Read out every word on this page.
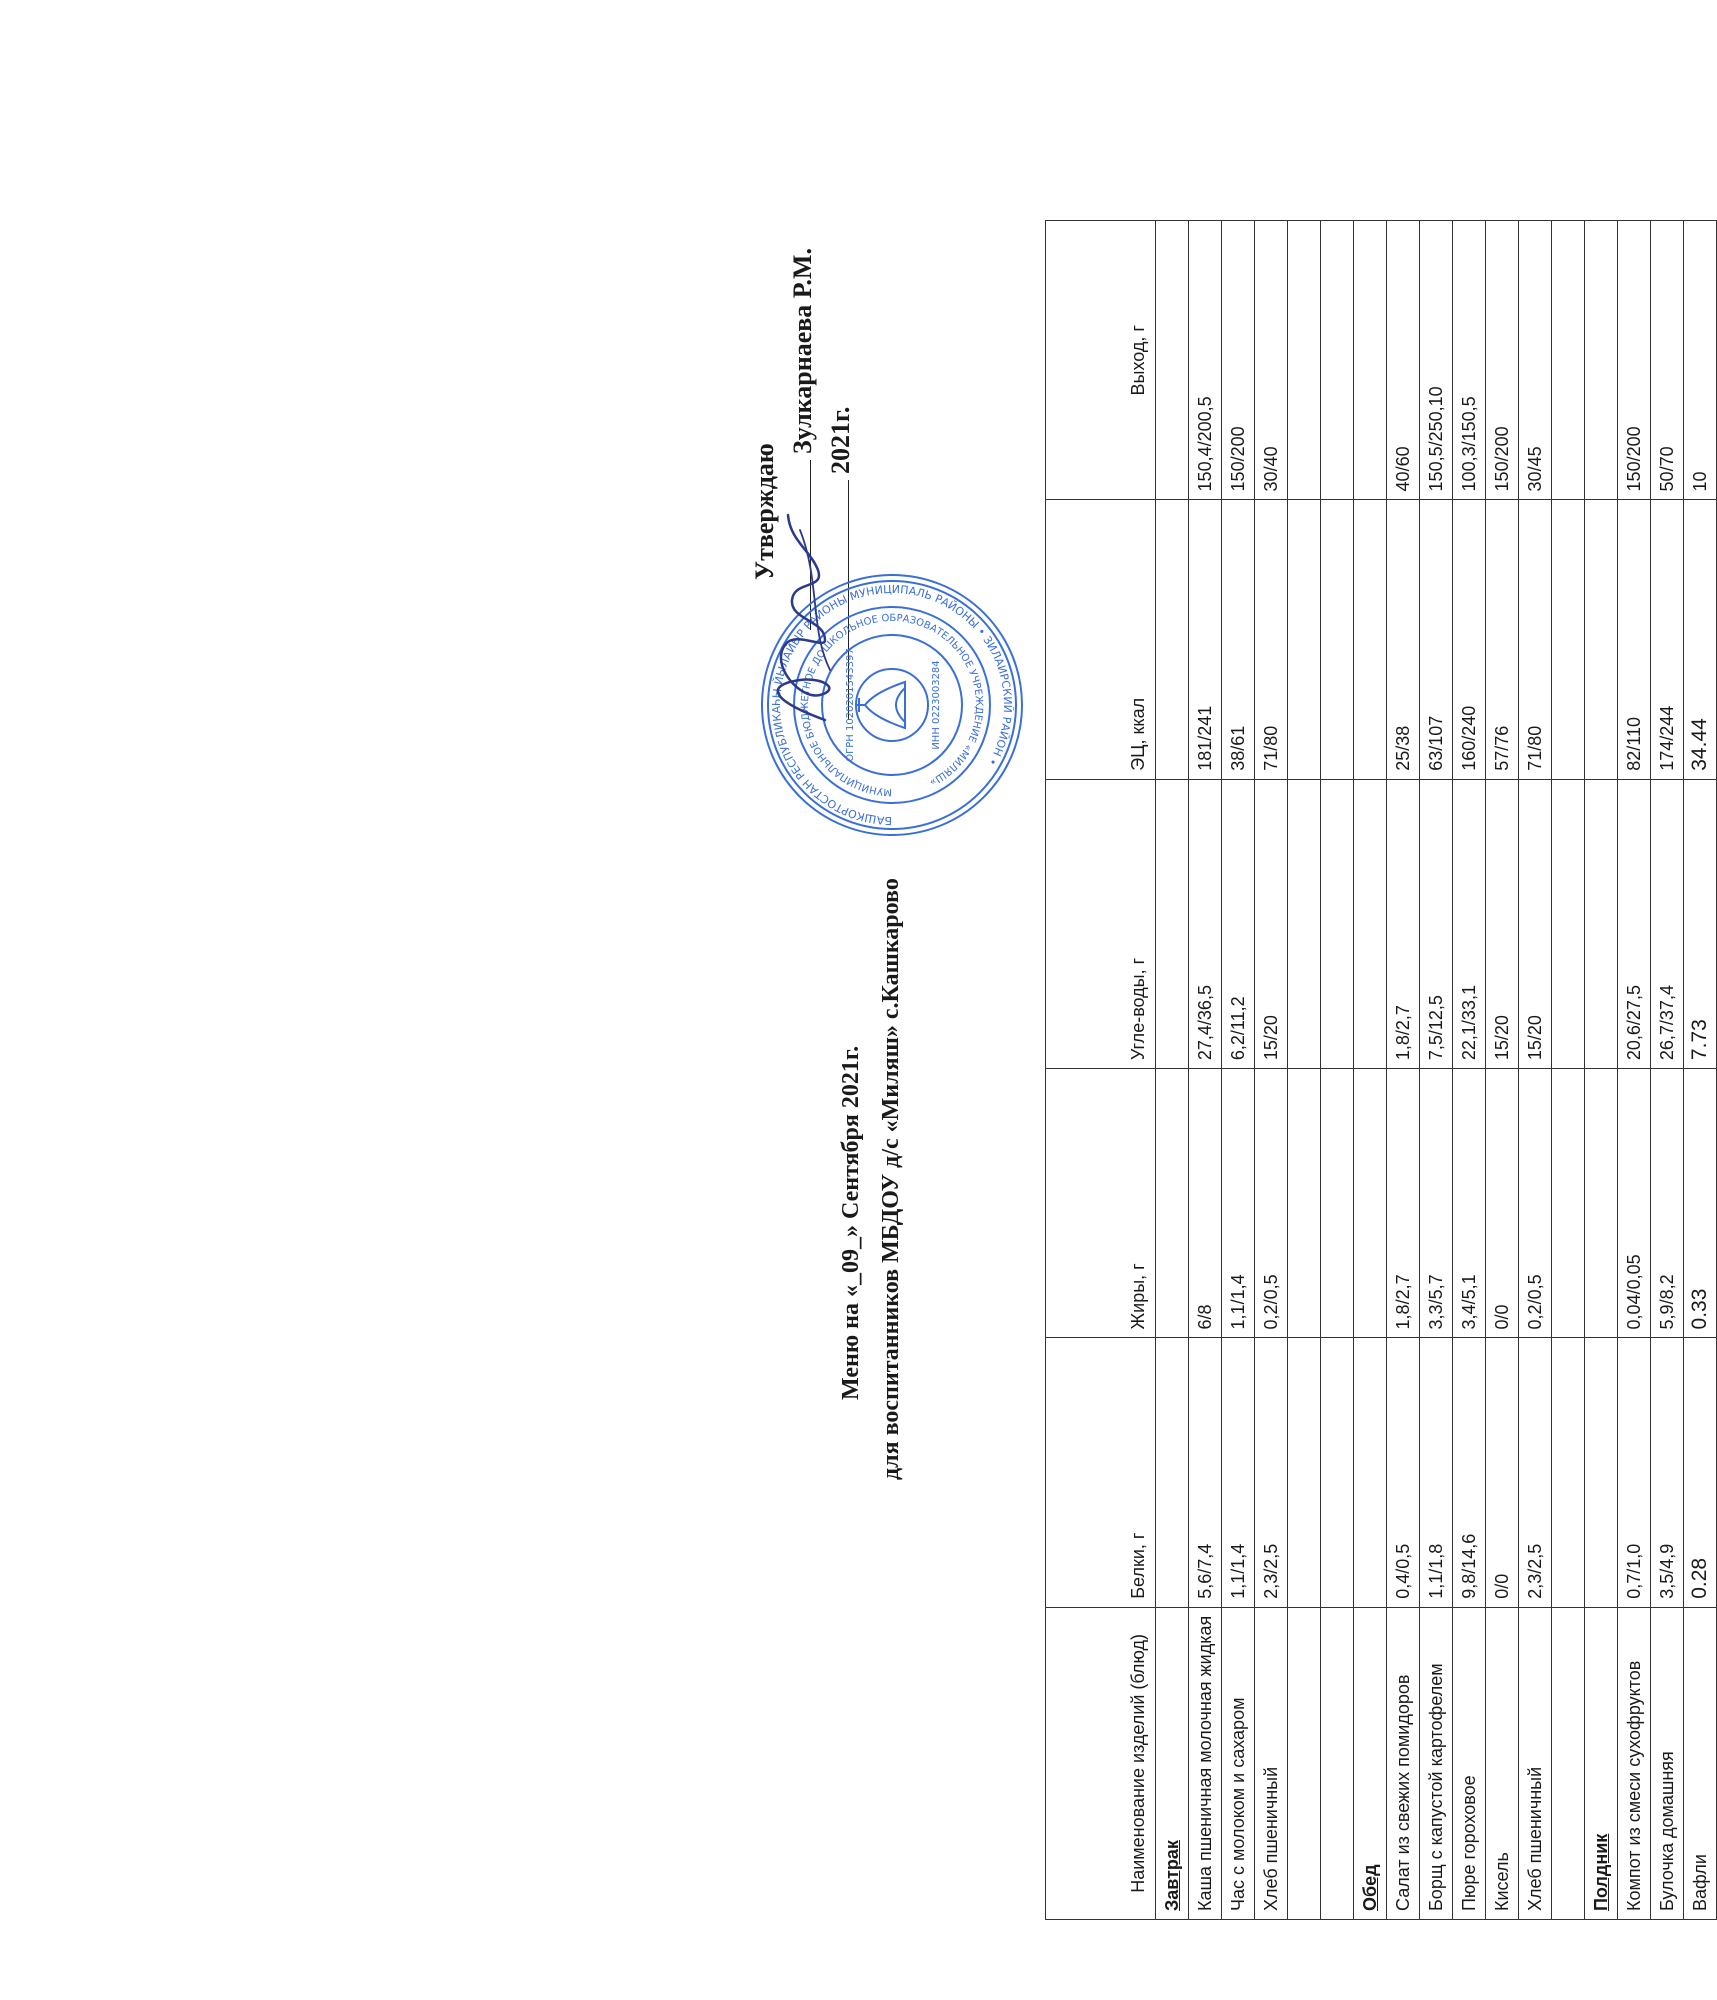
Меню на «_09_» Сентября 2021г. для воспитанников МБДОУ д/с «Миляш» с.Кашкарово
Утверждаю
Зулкарнаева Р.М. 2021г.
БАШКОРТОСТАН РЕСПУБЛИКАҺЫ ЙЫЛАЙЫР РАЙОНЫ МУНИЦИПАЛЬ РАЙОНЫ • ЗИЛАИРСКИЙ РАЙОН •
МУНИЦИПАЛЬНОЕ БЮДЖЕТНОЕ ДОШКОЛЬНОЕ ОБРАЗОВАТЕЛЬНОЕ УЧРЕЖДЕНИЕ «МИЛЯШ»
ОГРН 1020201543397	ИНН 0223003284
Наименование изделий (блюд)	Белки, г	Жиры, г	Угле-воды, г	ЭЦ, ккал	Выход, г
Завтрак					
Каша пшеничная молочная жидкая	5,6/7,4	6/8	27,4/36,5	181/241	150,4/200,5
Час с молоком и сахаром	1,1/1,4	1,1/1,4	6,2/11,2	38/61	150/200
Хлеб пшеничный	2,3/2,5	0,2/0,5	15/20	71/80	30/40

Обед					
Салат из свежих помидоров	0,4/0,5	1,8/2,7	1,8/2,7	25/38	40/60
Борщ с капустой картофелем	1,1/1,8	3,3/5,7	7,5/12,5	63/107	150,5/250,10
Пюре гороховое	9,8/14,6	3,4/5,1	22,1/33,1	160/240	100,3/150,5
Кисель	0/0	0/0	15/20	57/76	150/200
Хлеб пшеничный	2,3/2,5	0,2/0,5	15/20	71/80	30/45

Полдник					
Компот из смеси сухофруктов	0,7/1,0	0,04/0,05	20,6/27,5	82/110	150/200
Булочка домашняя	3,5/4,9	5,9/8,2	26,7/37,4	174/244	50/70
Вафли	0.28	0.33	7.73	34.44	10
